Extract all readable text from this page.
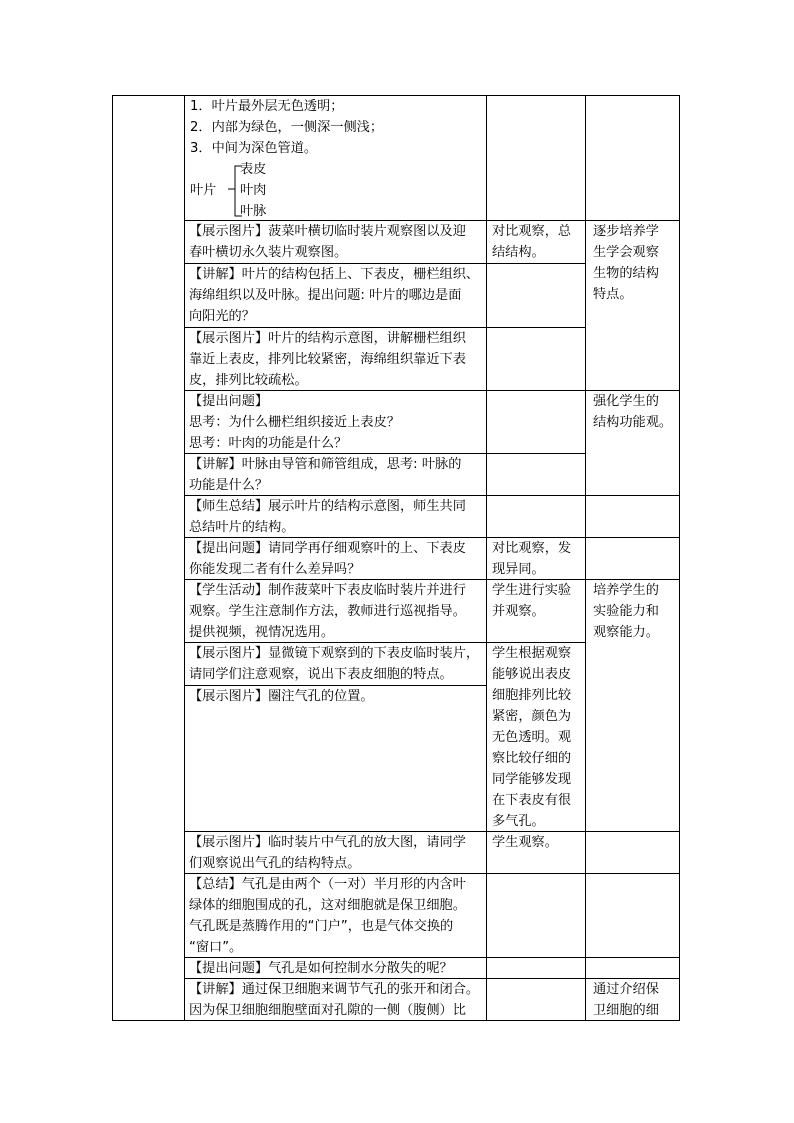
1．叶片最外层无色透明；
2．内部为绿色，一侧深一侧浅；
3．中间为深色管道。
叶片
表皮
叶肉
叶脉
【展示图片】菠菜叶横切临时装片观察图以及迎
春叶横切永久装片观察图。
对比观察，总
结结构。
【讲解】叶片的结构包括上、下表皮，栅栏组织、
海绵组织以及叶脉。提出问题: 叶片的哪边是面
向阳光的？
【展示图片】叶片的结构示意图，讲解栅栏组织
靠近上表皮，排列比较紧密，海绵组织靠近下表
皮，排列比较疏松。
【提出问题】
思考：为什么栅栏组织接近上表皮？
思考：叶肉的功能是什么？
【讲解】叶脉由导管和筛管组成，思考: 叶脉的
功能是什么？
【师生总结】展示叶片的结构示意图，师生共同
总结叶片的结构。
【提出问题】请同学再仔细观察叶的上、下表皮
你能发现二者有什么差异吗？
对比观察，发
现异同。
【学生活动】制作菠菜叶下表皮临时装片并进行
观察。学生注意制作方法，教师进行巡视指导。
提供视频，视情况选用。
学生进行实验
并观察。
【展示图片】显微镜下观察到的下表皮临时装片，
请同学们注意观察，说出下表皮细胞的特点。
【展示图片】圈注气孔的位置。
学生根据观察
能够说出表皮
细胞排列比较
紧密，颜色为
无色透明。观
察比较仔细的
同学能够发现
在下表皮有很
多气孔。
【展示图片】临时装片中气孔的放大图，请同学
们观察说出气孔的结构特点。
学生观察。
【总结】气孔是由两个（一对）半月形的内含叶
绿体的细胞围成的孔，这对细胞就是保卫细胞。
气孔既是蒸腾作用的“门户”，也是气体交换的
“窗口”。
【提出问题】气孔是如何控制水分散失的呢？
【讲解】通过保卫细胞来调节气孔的张开和闭合。
因为保卫细胞细胞壁面对孔隙的一侧（腹侧）比
逐步培养学
生学会观察
生物的结构
特点。
强化学生的
结构功能观。
培养学生的
实验能力和
观察能力。
通过介绍保
卫细胞的细
